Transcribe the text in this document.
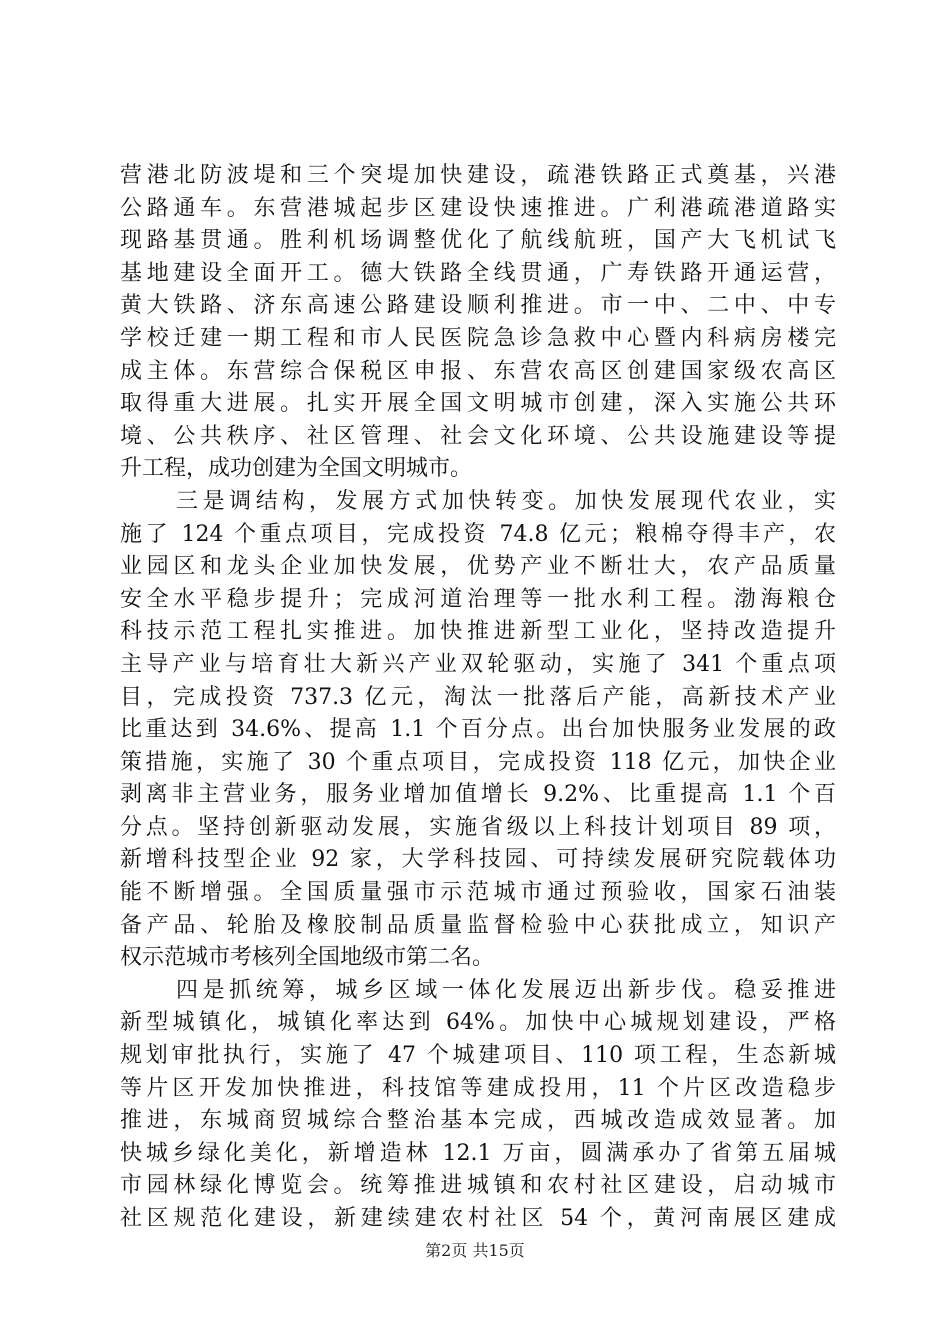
营港北防波堤和三个突堤加快建设，疏港铁路正式奠基，兴港
公路通车。东营港城起步区建设快速推进。广利港疏港道路实
现路基贯通。胜利机场调整优化了航线航班，国产大飞机试飞
基地建设全面开工。德大铁路全线贯通，广寿铁路开通运营，
黄大铁路、济东高速公路建设顺利推进。市一中、二中、中专
学校迁建一期工程和市人民医院急诊急救中心暨内科病房楼完
成主体。东营综合保税区申报、东营农高区创建国家级农高区
取得重大进展。扎实开展全国文明城市创建，深入实施公共环
境、公共秩序、社区管理、社会文化环境、公共设施建设等提
升工程，成功创建为全国文明城市。
三是调结构，发展方式加快转变。加快发展现代农业，实
施了 124 个重点项目，完成投资 74.8 亿元；粮棉夺得丰产，农
业园区和龙头企业加快发展，优势产业不断壮大，农产品质量
安全水平稳步提升；完成河道治理等一批水利工程。渤海粮仓
科技示范工程扎实推进。加快推进新型工业化，坚持改造提升
主导产业与培育壮大新兴产业双轮驱动，实施了 341 个重点项
目，完成投资 737.3 亿元，淘汰一批落后产能，高新技术产业
比重达到 34.6%、提高 1.1 个百分点。出台加快服务业发展的政
策措施，实施了 30 个重点项目，完成投资 118 亿元，加快企业
剥离非主营业务，服务业增加值增长 9.2%、比重提高 1.1 个百
分点。坚持创新驱动发展，实施省级以上科技计划项目 89 项，
新增科技型企业 92 家，大学科技园、可持续发展研究院载体功
能不断增强。全国质量强市示范城市通过预验收，国家石油装
备产品、轮胎及橡胶制品质量监督检验中心获批成立，知识产
权示范城市考核列全国地级市第二名。
四是抓统筹，城乡区域一体化发展迈出新步伐。稳妥推进
新型城镇化，城镇化率达到 64%。加快中心城规划建设，严格
规划审批执行，实施了 47 个城建项目、110 项工程，生态新城
等片区开发加快推进，科技馆等建成投用，11 个片区改造稳步
推进，东城商贸城综合整治基本完成，西城改造成效显著。加
快城乡绿化美化，新增造林 12.1 万亩，圆满承办了省第五届城
市园林绿化博览会。统筹推进城镇和农村社区建设，启动城市
社区规范化建设，新建续建农村社区 54 个，黄河南展区建成
第2页 共15页
